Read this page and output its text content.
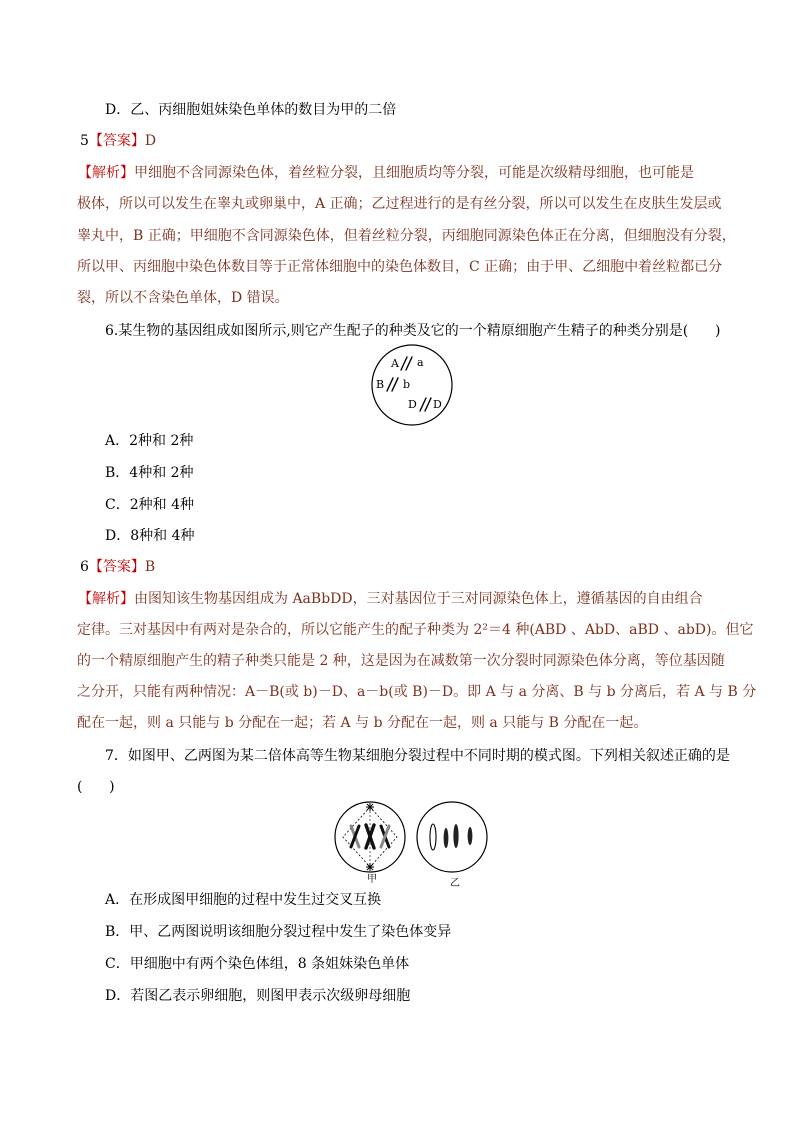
D．乙、丙细胞姐妹染色单体的数目为甲的二倍
5【答案】D
【解析】甲细胞不含同源染色体，着丝粒分裂，且细胞质均等分裂，可能是次级精母细胞，也可能是
极体，所以可以发生在睾丸或卵巢中，A 正确；乙过程进行的是有丝分裂，所以可以发生在皮肤生发层或
睾丸中，B 正确；甲细胞不含同源染色体，但着丝粒分裂，丙细胞同源染色体正在分离，但细胞没有分裂，
所以甲、丙细胞中染色体数目等于正常体细胞中的染色体数目，C 正确；由于甲、乙细胞中着丝粒都已分
裂，所以不含染色单体，D 错误。
6.某生物的基因组成如图所示,则它产生配子的种类及它的一个精原细胞产生精子的种类分别是(      )
A．2种和 2种
B．4种和 2种
C．2种和 4种
D．8种和 4种
6【答案】B
【解析】由图知该生物基因组成为 AaBbDD，三对基因位于三对同源染色体上，遵循基因的自由组合
定律。三对基因中有两对是杂合的，所以它能产生的配子种类为 2²＝4 种(ABD 、AbD、aBD 、abD)。但它
的一个精原细胞产生的精子种类只能是 2 种，这是因为在减数第一次分裂时同源染色体分离，等位基因随
之分开，只能有两种情况：A－B(或 b)－D、a－b(或 B)－D。即 A 与 a 分离、B 与 b 分离后，若 A 与 B 分
配在一起，则 a 只能与 b 分配在一起；若 A 与 b 分配在一起，则 a 只能与 B 分配在一起。
7．如图甲、乙两图为某二倍体高等生物某细胞分裂过程中不同时期的模式图。下列相关叙述正确的是
(      )
A．在形成图甲细胞的过程中发生过交叉互换
B．甲、乙两图说明该细胞分裂过程中发生了染色体变异
C．甲细胞中有两个染色体组，8 条姐妹染色单体
D．若图乙表示卵细胞，则图甲表示次级卵母细胞
A a
B b
D D
甲	乙
